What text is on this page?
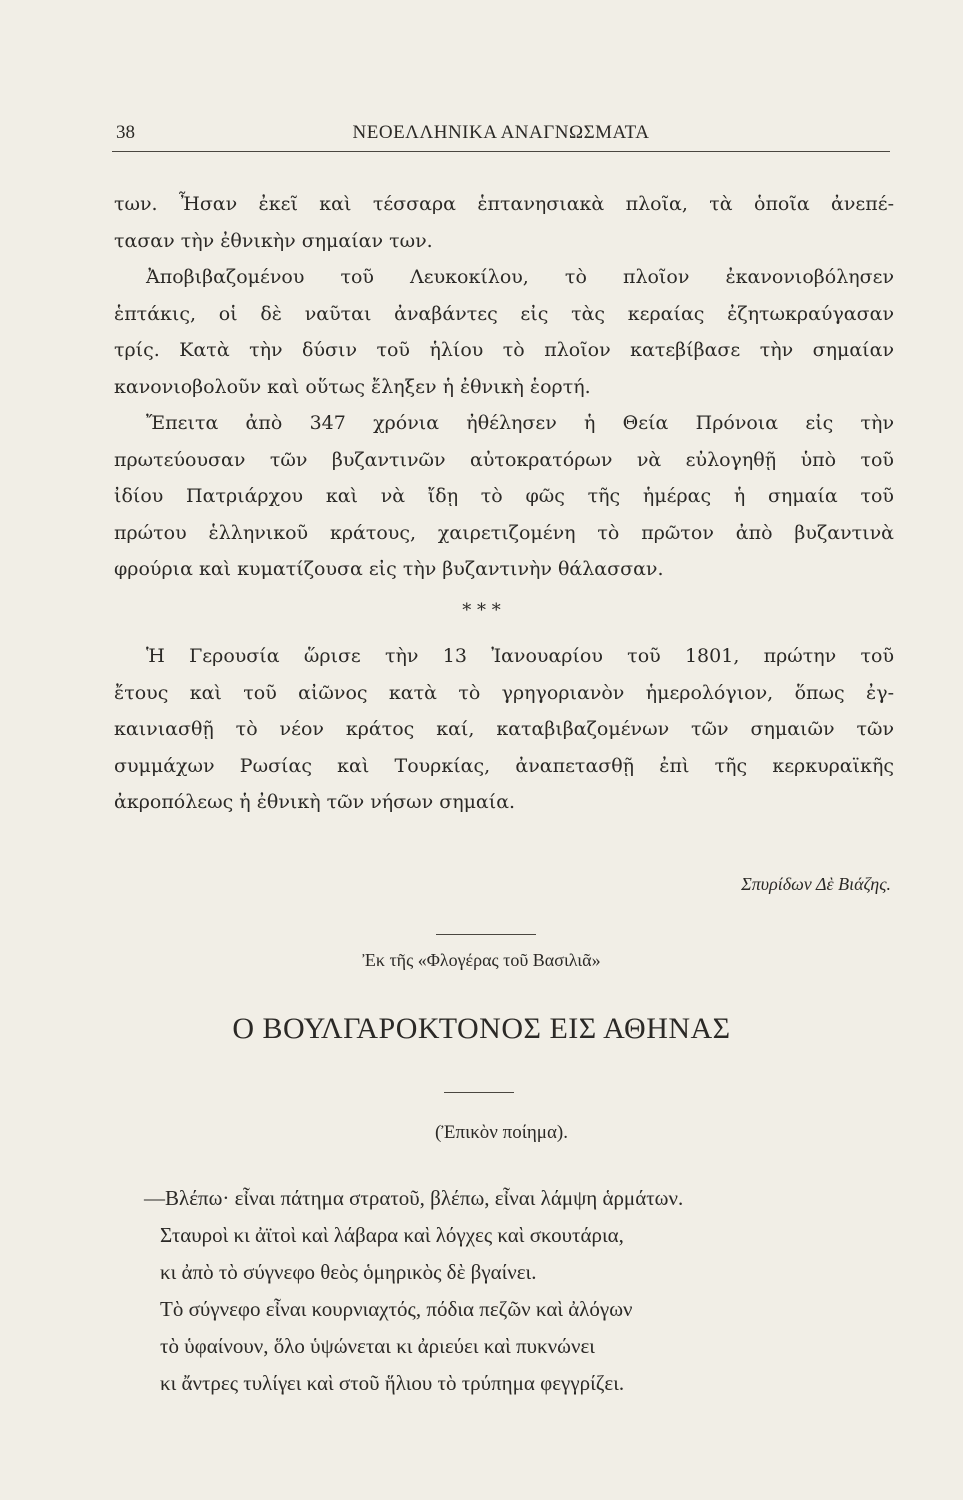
38	ΝΕΟΕΛΛΗΝΙΚΑ ΑΝΑΓΝΩΣΜΑΤΑ
των. Ἦσαν ἐκεῖ καὶ τέσσαρα ἑπτανησιακὰ πλοῖα, τὰ ὁποῖα ἀνεπέ-
τασαν τὴν ἐθνικὴν σημαίαν των.
Ἀποβιβαζομένου τοῦ Λευκοκίλου, τὸ πλοῖον ἐκανονιοβόλησεν
ἑπτάκις, οἱ δὲ ναῦται ἀναβάντες εἰς τὰς κεραίας ἐζητωκραύγασαν
τρίς. Κατὰ τὴν δύσιν τοῦ ἡλίου τὸ πλοῖον κατεβίβασε τὴν σημαίαν
κανονιοβολοῦν καὶ οὕτως ἔληξεν ἡ ἐθνικὴ ἑορτή.
Ἔπειτα ἀπὸ 347 χρόνια ἠθέλησεν ἡ Θεία Πρόνοια εἰς τὴν
πρωτεύουσαν τῶν βυζαντινῶν αὐτοκρατόρων νὰ εὐλογηθῇ ὑπὸ τοῦ
ἰδίου Πατριάρχου καὶ νὰ ἴδῃ τὸ φῶς τῆς ἡμέρας ἡ σημαία τοῦ
πρώτου ἑλληνικοῦ κράτους, χαιρετιζομένη τὸ πρῶτον ἀπὸ βυζαντινὰ
φρούρια καὶ κυματίζουσα εἰς τὴν βυζαντινὴν θάλασσαν.
* * *
Ἡ Γερουσία ὥρισε τὴν 13 Ἰανουαρίου τοῦ 1801, πρώτην τοῦ
ἔτους καὶ τοῦ αἰῶνος κατὰ τὸ γρηγοριανὸν ἡμερολόγιον, ὅπως ἐγ-
καινιασθῇ τὸ νέον κράτος καί, καταβιβαζομένων τῶν σημαιῶν τῶν
συμμάχων Ρωσίας καὶ Τουρκίας, ἀναπετασθῇ ἐπὶ τῆς κερκυραϊκῆς
ἀκροπόλεως ἡ ἐθνικὴ τῶν νήσων σημαία.
Σπυρίδων Δὲ Βιάζης.
Ἐκ τῆς «Φλογέρας τοῦ Βασιλιᾶ»
Ο ΒΟΥΛΓΑΡΟΚΤΟΝΟΣ ΕΙΣ ΑΘΗΝΑΣ
(Ἐπικὸν ποίημα).
—Βλέπω· εἶναι πάτημα στρατοῦ, βλέπω, εἶναι λάμψη ἁρμάτων.
Σταυροὶ κι ἀϊτοὶ καὶ λάβαρα καὶ λόγχες καὶ σκουτάρια,
κι ἀπὸ τὸ σύγνεφο θεὸς ὁμηρικὸς δὲ βγαίνει.
Τὸ σύγνεφο εἶναι κουρνιαχτός, πόδια πεζῶν καὶ ἀλόγων
τὸ ὑφαίνουν, ὅλο ὑψώνεται κι ἀριεύει καὶ πυκνώνει
κι ἄντρες τυλίγει καὶ στοῦ ἥλιου τὸ τρύπημα φεγγρίζει.
